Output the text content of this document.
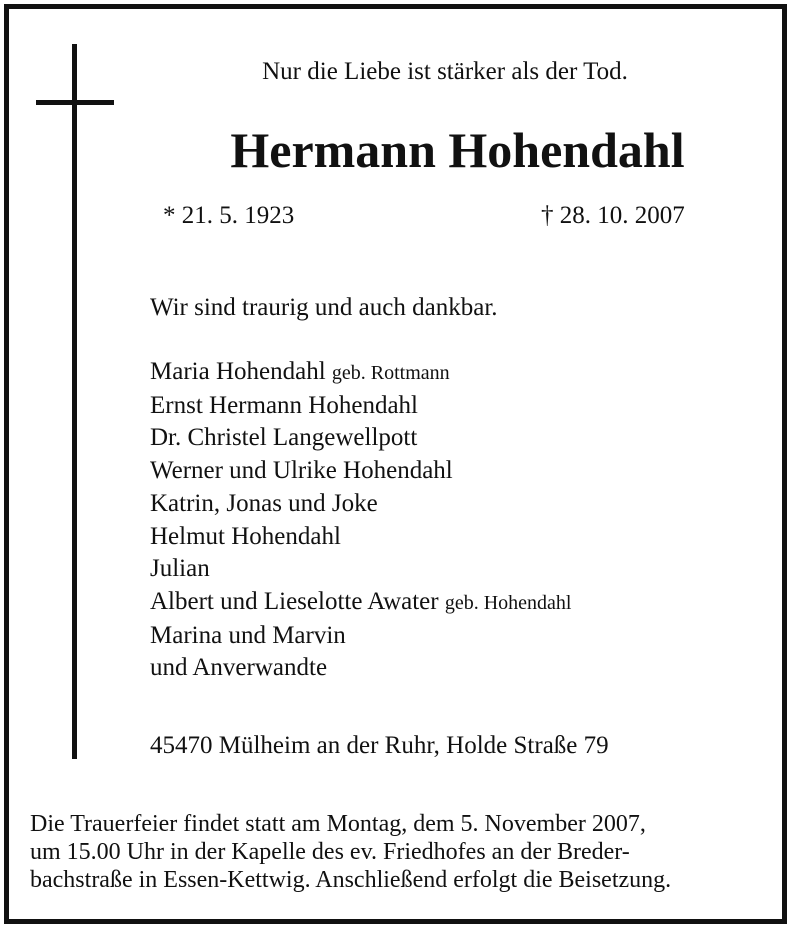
Nur die Liebe ist stärker als der Tod.
Hermann Hohendahl
* 21. 5. 1923	† 28. 10. 2007
Wir sind traurig und auch dankbar.
Maria Hohendahl geb. Rottmann
Ernst Hermann Hohendahl
Dr. Christel Langewellpott
Werner und Ulrike Hohendahl
Katrin, Jonas und Joke
Helmut Hohendahl
Julian
Albert und Lieselotte Awater geb. Hohendahl
Marina und Marvin
und Anverwandte
45470 Mülheim an der Ruhr, Holde Straße 79
Die Trauerfeier findet statt am Montag, dem 5. November 2007,
um 15.00 Uhr in der Kapelle des ev. Friedhofes an der Breder-
bachstraße in Essen-Kettwig. Anschließend erfolgt die Beisetzung.
